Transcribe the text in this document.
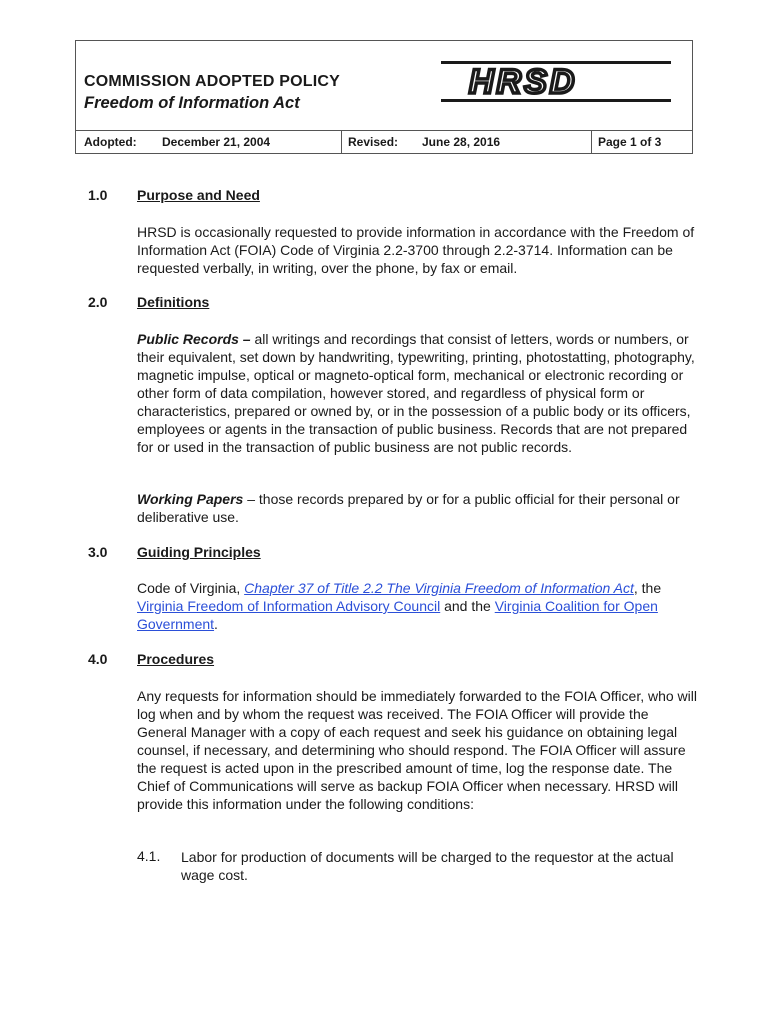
COMMISSION ADOPTED POLICY

Freedom of Information Act

HRSD
Adopted: December 21, 2004	Revised: June 28, 2016	Page 1 of 3

1.0 Purpose and Need

HRSD is occasionally requested to provide information in accordance with the Freedom of Information Act (FOIA) Code of Virginia 2.2-3700 through 2.2-3714. Information can be requested verbally, in writing, over the phone, by fax or email.

2.0 Definitions

Public Records – all writings and recordings that consist of letters, words or numbers, or their equivalent, set down by handwriting, typewriting, printing, photostatting, photography, magnetic impulse, optical or magneto-optical form, mechanical or electronic recording or other form of data compilation, however stored, and regardless of physical form or characteristics, prepared or owned by, or in the possession of a public body or its officers, employees or agents in the transaction of public business. Records that are not prepared for or used in the transaction of public business are not public records.

Working Papers – those records prepared by or for a public official for their personal or deliberative use.

3.0 Guiding Principles

Code of Virginia, Chapter 37 of Title 2.2 The Virginia Freedom of Information Act, the Virginia Freedom of Information Advisory Council and the Virginia Coalition for Open Government.

4.0 Procedures

Any requests for information should be immediately forwarded to the FOIA Officer, who will log when and by whom the request was received. The FOIA Officer will provide the General Manager with a copy of each request and seek his guidance on obtaining legal counsel, if necessary, and determining who should respond. The FOIA Officer will assure the request is acted upon in the prescribed amount of time, log the response date. The Chief of Communications will serve as backup FOIA Officer when necessary. HRSD will provide this information under the following conditions:

4.1. Labor for production of documents will be charged to the requestor at the actual wage cost.
